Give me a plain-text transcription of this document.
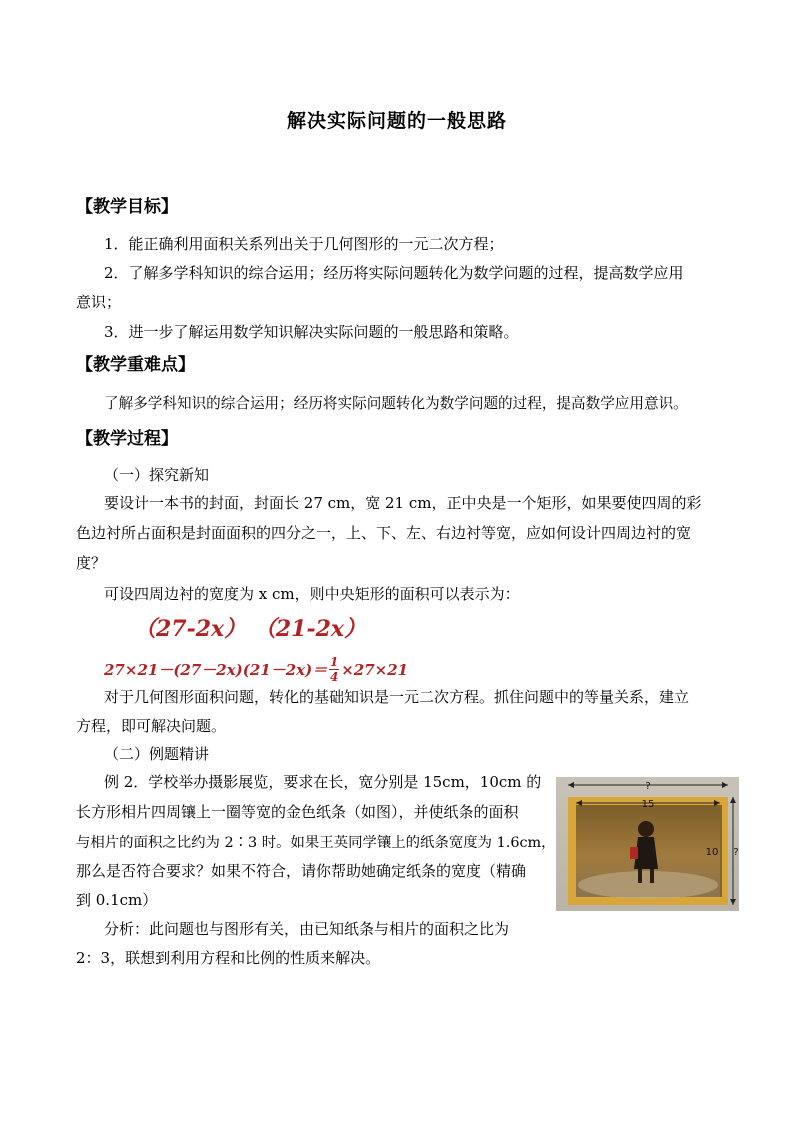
解决实际问题的一般思路
【教学目标】
1．能正确利用面积关系列出关于几何图形的一元二次方程；
2．了解多学科知识的综合运用；经历将实际问题转化为数学问题的过程，提高数学应用
意识；
3．进一步了解运用数学知识解决实际问题的一般思路和策略。
【教学重难点】
了解多学科知识的综合运用；经历将实际问题转化为数学问题的过程，提高数学应用意识。
【教学过程】
（一）探究新知
要设计一本书的封面，封面长 27 cm，宽 21 cm，正中央是一个矩形，如果要使四周的彩
色边衬所占面积是封面面积的四分之一，上、下、左、右边衬等宽，应如何设计四周边衬的宽
度？
可设四周边衬的宽度为 x cm，则中央矩形的面积可以表示为：
（27-2x） （21-2x）
$27\times 21-(27-2x)(21-2x)= \frac{1}{4} \times 27\times 21$
对于几何图形面积问题，转化的基础知识是一元二次方程。抓住问题中的等量关系，建立
方程，即可解决问题。
（二）例题精讲
例 2．学校举办摄影展览，要求在长，宽分别是 15cm，10cm 的
长方形相片四周镶上一圈等宽的金色纸条（如图），并使纸条的面积
与相片的面积之比约为 2∶3 时。如果王英同学镶上的纸条宽度为 1.6cm，
那么是否符合要求？如果不符合，请你帮助她确定纸条的宽度（精确
到 0.1cm）
分析：此问题也与图形有关，由已知纸条与相片的面积之比为
2：3，联想到利用方程和比例的性质来解决。
?
15
10 ?
